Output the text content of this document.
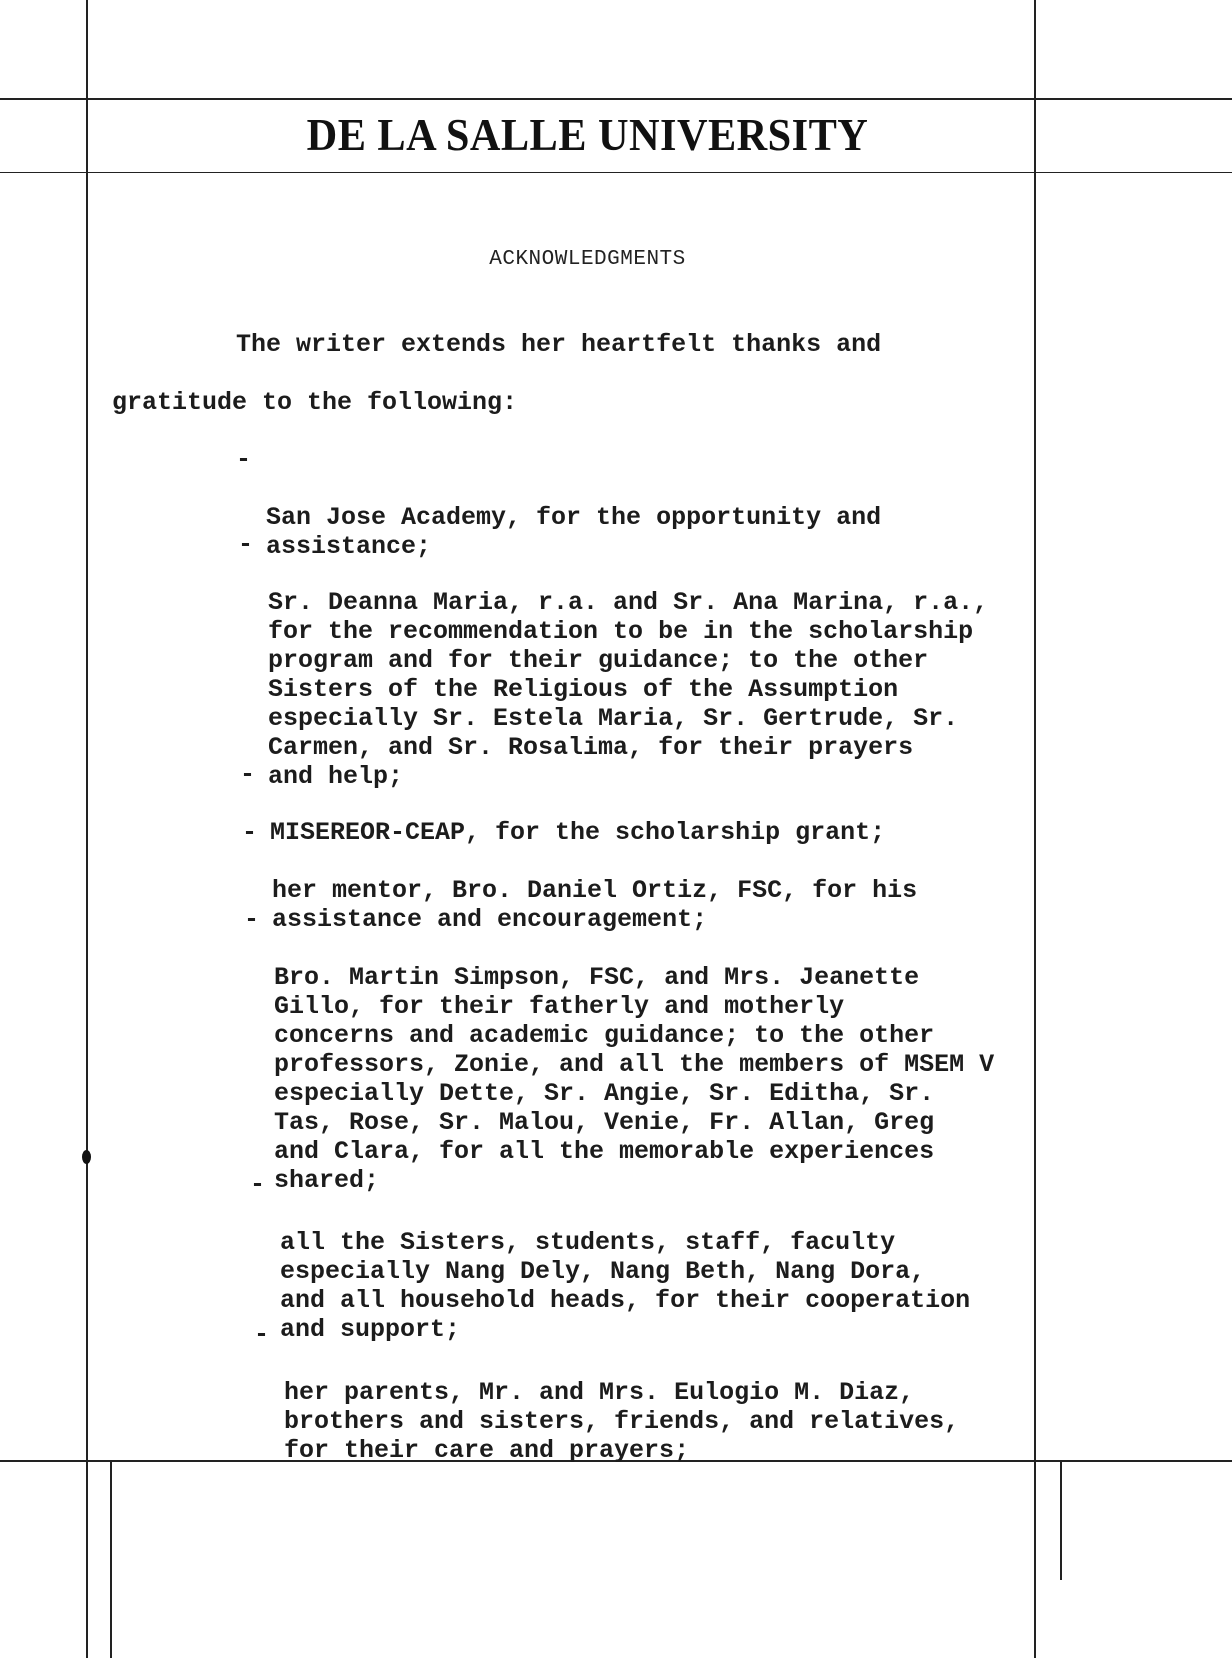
DE LA SALLE UNIVERSITY
ACKNOWLEDGMENTS
The writer extends her heartfelt thanks and
gratitude to the following:

-

San Jose Academy, for the opportunity and
assistance;

-

Sr. Deanna Maria, r.a. and Sr. Ana Marina, r.a.,
for the recommendation to be in the scholarship
program and for their guidance; to the other
Sisters of the Religious of the Assumption
especially Sr. Estela Maria, Sr. Gertrude, Sr.
Carmen, and Sr. Rosalima, for their prayers
and help;

-

MISEREOR-CEAP, for the scholarship grant;

-

her mentor, Bro. Daniel Ortiz, FSC, for his
assistance and encouragement;

-

Bro. Martin Simpson, FSC, and Mrs. Jeanette
Gillo, for their fatherly and motherly
concerns and academic guidance; to the other
professors, Zonie, and all the members of MSEM V
especially Dette, Sr. Angie, Sr. Editha, Sr.
Tas, Rose, Sr. Malou, Venie, Fr. Allan, Greg
and Clara, for all the memorable experiences
shared;

-

all the Sisters, students, staff, faculty
especially Nang Dely, Nang Beth, Nang Dora,
and all household heads, for their cooperation
and support;

-

her parents, Mr. and Mrs. Eulogio M. Diaz,
brothers and sisters, friends, and relatives,
for their care and prayers;
